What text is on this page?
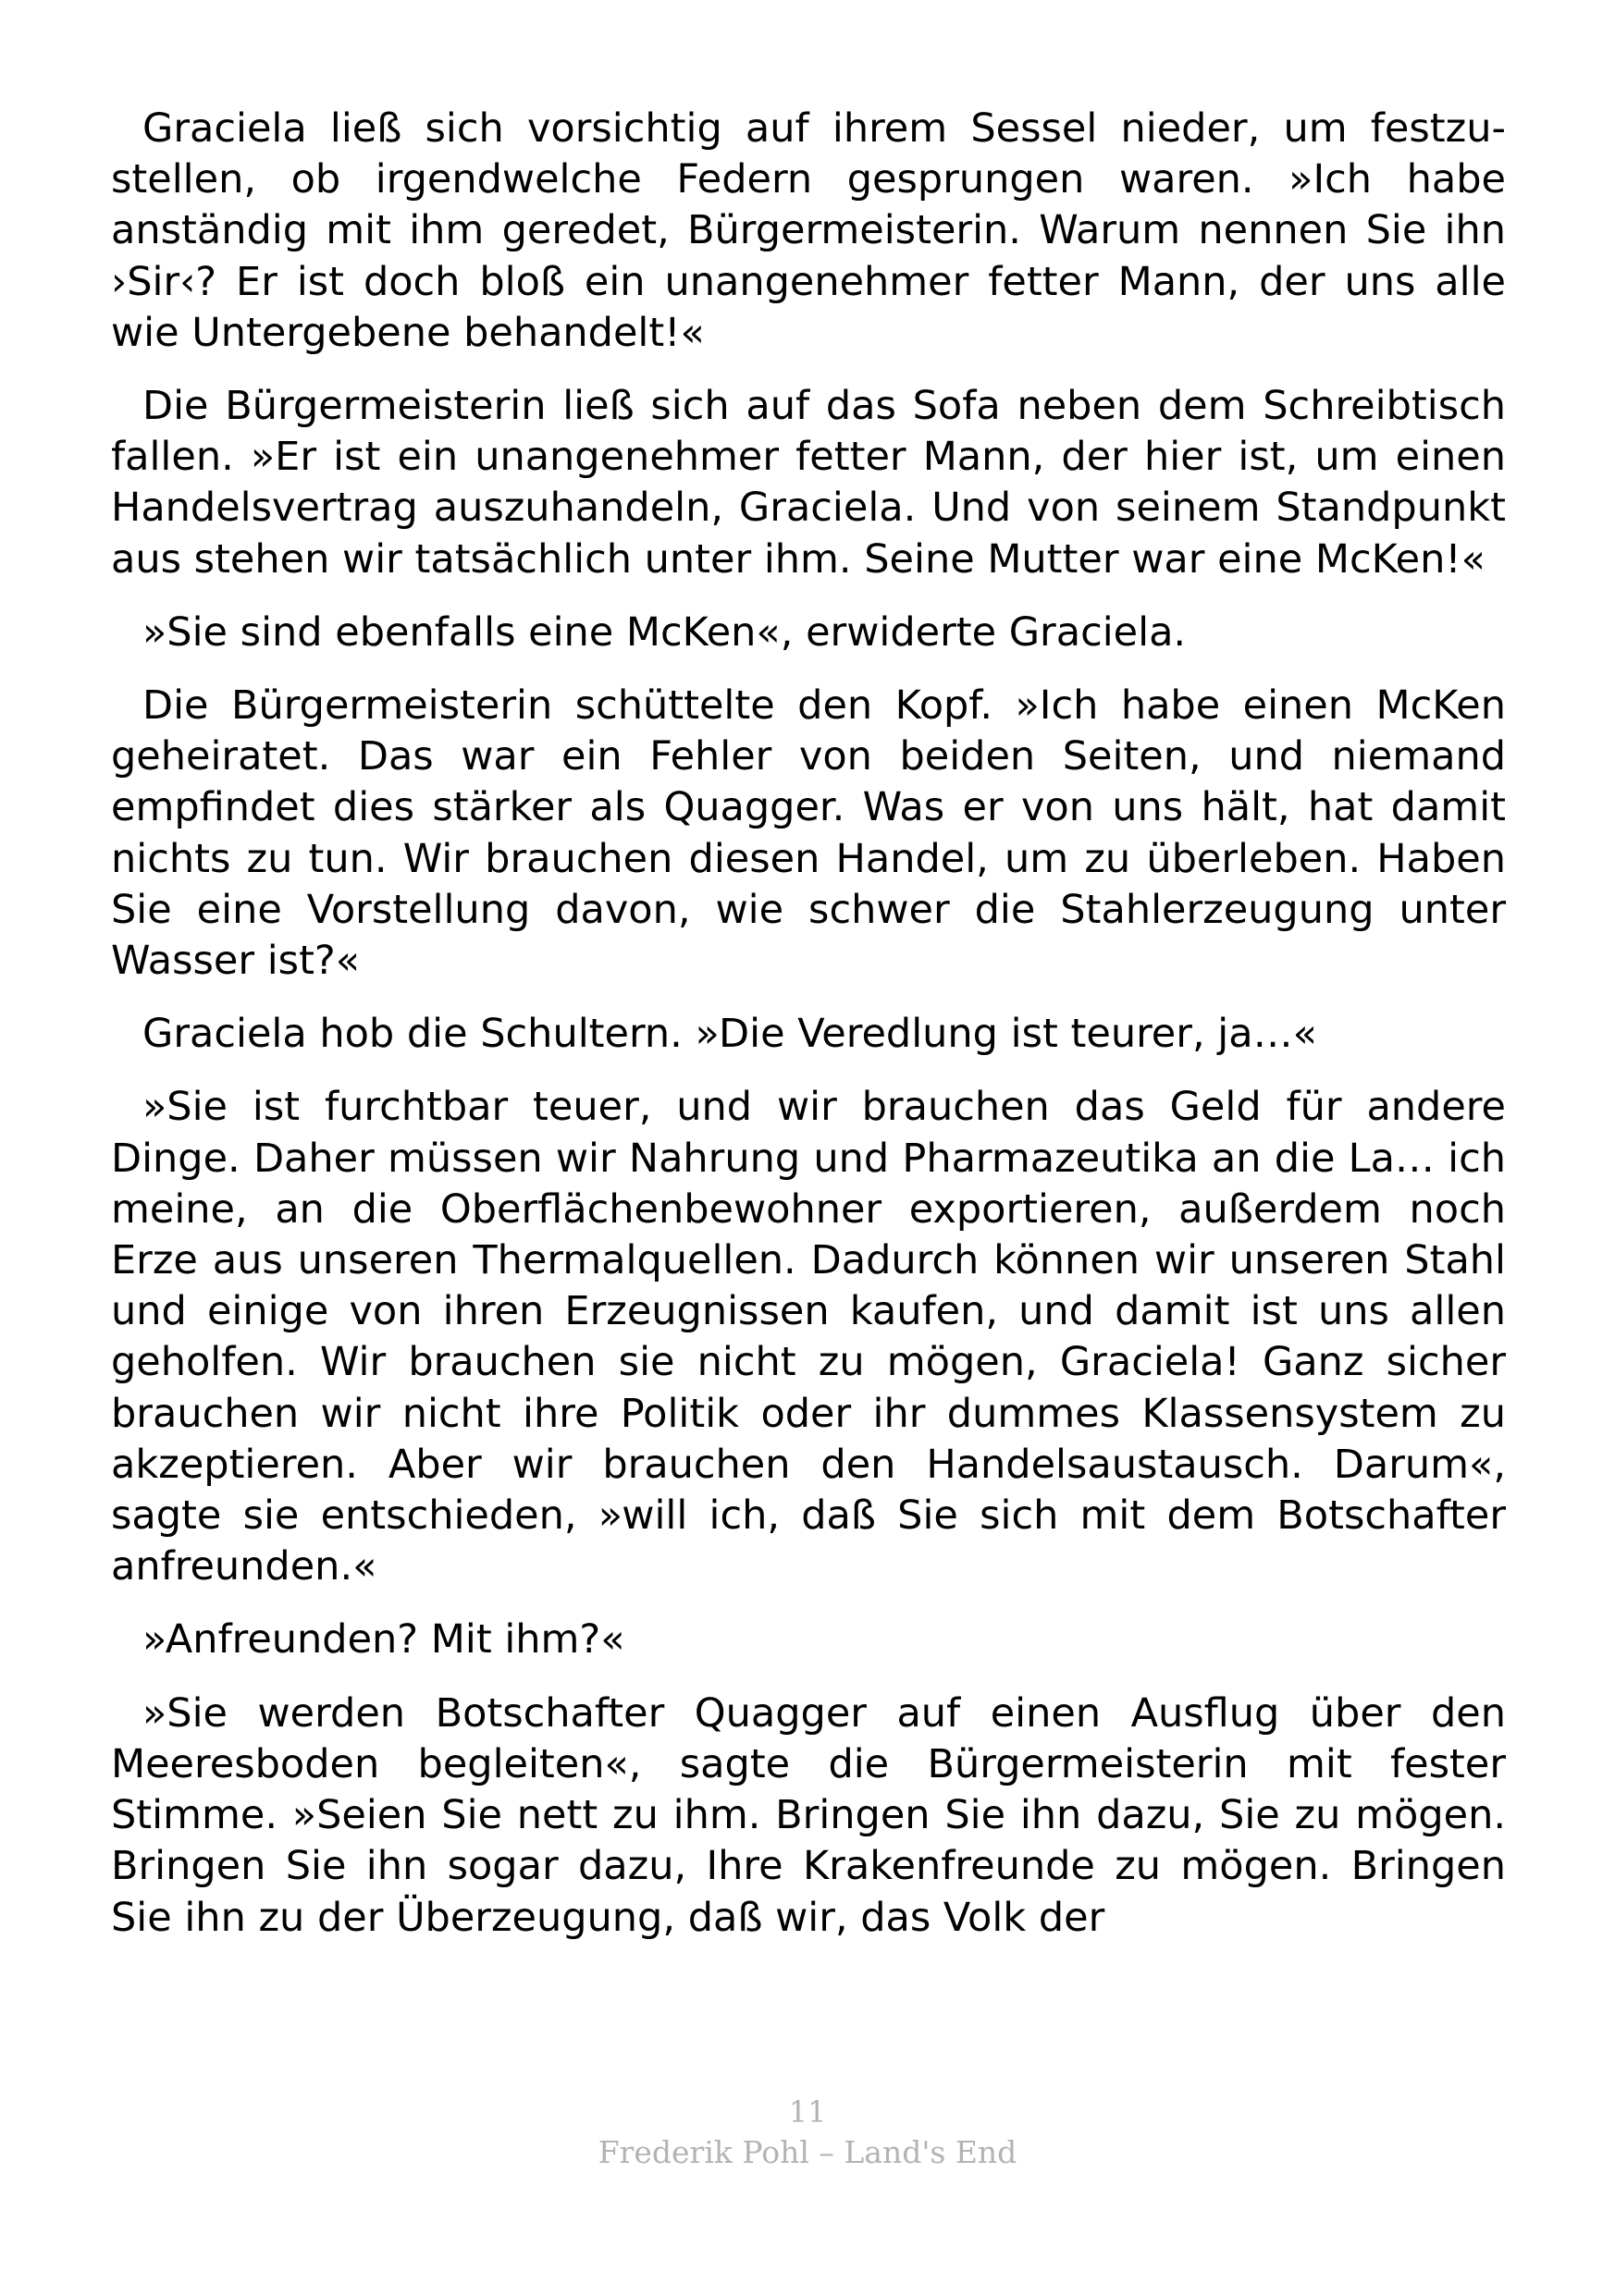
Graciela ließ sich vorsichtig auf ihrem Sessel nieder, um festzustellen, ob irgendwelche Federn gesprungen waren. »Ich habe anständig mit ihm geredet, Bürgermeisterin. Warum nennen Sie ihn ›Sir‹? Er ist doch bloß ein unangenehmer fetter Mann, der uns alle wie Untergebene behandelt!«

Die Bürgermeisterin ließ sich auf das Sofa neben dem Schreibtisch fallen. »Er ist ein unangenehmer fetter Mann, der hier ist, um einen Handelsvertrag auszuhandeln, Graciela. Und von seinem Standpunkt aus stehen wir tatsächlich unter ihm. Seine Mutter war eine McKen!«

»Sie sind ebenfalls eine McKen«, erwiderte Graciela.

Die Bürgermeisterin schüttelte den Kopf. »Ich habe einen McKen geheiratet. Das war ein Fehler von beiden Seiten, und niemand empfindet dies stärker als Quagger. Was er von uns hält, hat damit nichts zu tun. Wir brauchen diesen Handel, um zu überleben. Haben Sie eine Vorstellung davon, wie schwer die Stahlerzeugung unter Wasser ist?«

Graciela hob die Schultern. »Die Veredlung ist teurer, ja…«

»Sie ist furchtbar teuer, und wir brauchen das Geld für andere Dinge. Daher müssen wir Nahrung und Pharmazeutika an die La… ich meine, an die Oberflächenbewohner exportieren, außerdem noch Erze aus unseren Thermalquellen. Dadurch können wir unseren Stahl und einige von ihren Erzeugnissen kaufen, und damit ist uns allen geholfen. Wir brauchen sie nicht zu mögen, Graciela! Ganz sicher brauchen wir nicht ihre Politik oder ihr dummes Klassensystem zu akzeptieren. Aber wir brauchen den Handelsaustausch. Darum«, sagte sie entschieden, »will ich, daß Sie sich mit dem Botschafter anfreunden.«

»Anfreunden? Mit ihm?«

»Sie werden Botschafter Quagger auf einen Ausflug über den Meeresboden begleiten«, sagte die Bürgermeisterin mit fester Stimme. »Seien Sie nett zu ihm. Bringen Sie ihn dazu, Sie zu mögen. Bringen Sie ihn sogar dazu, Ihre Krakenfreunde zu mögen. Bringen Sie ihn zu der Überzeugung, daß wir, das Volk der

11
Frederik Pohl – Land's End
